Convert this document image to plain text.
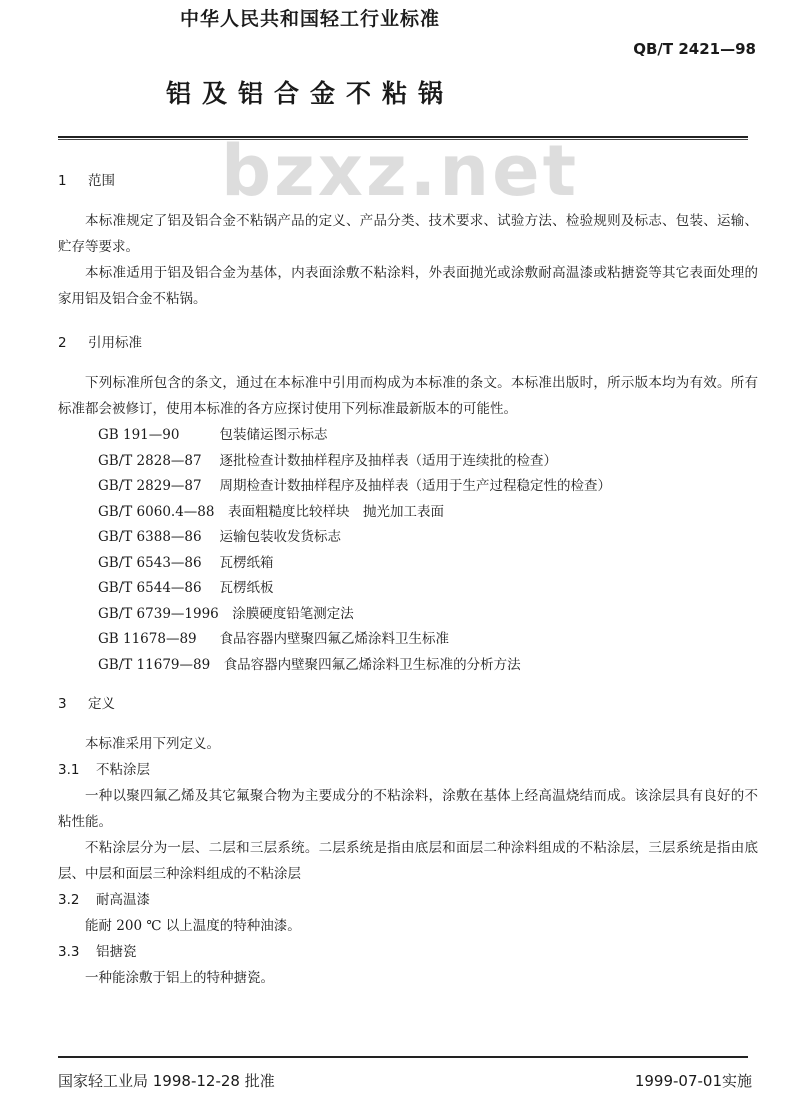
中华人民共和国轻工行业标准
QB/T 2421—98
铝及铝合金不粘锅
bzxz.net

1 范围

本标准规定了铝及铝合金不粘锅产品的定义、产品分类、技术要求、试验方法、检验规则及标志、包装、运输、贮存等要求。

本标准适用于铝及铝合金为基体，内表面涂敷不粘涂料，外表面抛光或涂敷耐高温漆或粘搪瓷等其它表面处理的家用铝及铝合金不粘锅。

2 引用标准

下列标准所包含的条文，通过在本标准中引用而构成为本标准的条文。本标准出版时，所示版本均为有效。所有标准都会被修订，使用本标准的各方应探讨使用下列标准最新版本的可能性。

GB 191—90　	包装储运图示标志
GB/T 2828—87　 逐批检查计数抽样程序及抽样表（适用于连续批的检查）
GB/T 2829—87　 周期检查计数抽样程序及抽样表（适用于生产过程稳定性的检查）
GB/T 6060.4—88　 表面粗糙度比较样块　抛光加工表面
GB/T 6388—86　 运输包装收发货标志
GB/T 6543—86　 瓦楞纸箱
GB/T 6544—86　 瓦楞纸板
GB/T 6739—1996　 涂膜硬度铅笔测定法
GB 11678—89　 食品容器内壁聚四氟乙烯涂料卫生标准
GB/T 11679—89　 食品容器内壁聚四氟乙烯涂料卫生标准的分析方法

3 定义

本标准采用下列定义。

3.1 不粘涂层

一种以聚四氟乙烯及其它氟聚合物为主要成分的不粘涂料，涂敷在基体上经高温烧结而成。该涂层具有良好的不粘性能。

不粘涂层分为一层、二层和三层系统。二层系统是指由底层和面层二种涂料组成的不粘涂层，三层系统是指由底层、中层和面层三种涂料组成的不粘涂层

3.2 耐高温漆

能耐 200 ℃ 以上温度的特种油漆。

3.3 铝搪瓷

一种能涂敷于铝上的特种搪瓷。

国家轻工业局 1998-12-28 批准	1999-07-01实施
